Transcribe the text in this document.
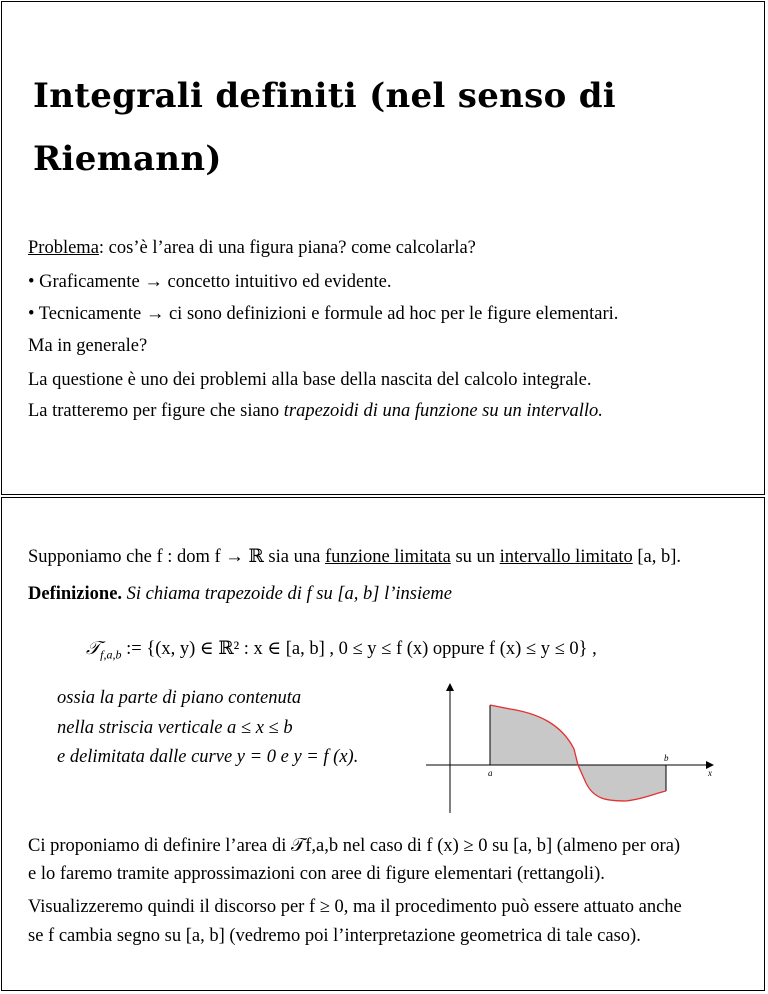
Integrali definiti (nel senso di
Riemann)
Problema: cos’è l’area di una figura piana? come calcolarla?
• Graficamente → concetto intuitivo ed evidente.
• Tecnicamente → ci sono definizioni e formule ad hoc per le figure elementari.
Ma in generale?
La questione è uno dei problemi alla base della nascita del calcolo integrale.
La tratteremo per figure che siano trapezoidi di una funzione su un intervallo.
Supponiamo che f : dom f → ℝ sia una funzione limitata su un intervallo limitato [a, b].
Definizione. Si chiama trapezoide di f su [a, b] l’insieme
𝒯$_{f,a,b}$ := {(x, y) ∈ ℝ² : x ∈ [a, b] , 0 ≤ y ≤ f (x) oppure f (x) ≤ y ≤ 0} ,
ossia la parte di piano contenuta
nella striscia verticale a ≤ x ≤ b
e delimitata dalle curve y = 0 e y = f (x).
a
b
x
Ci proponiamo di definire l’area di 𝒯f,a,b nel caso di f (x) ≥ 0 su [a, b] (almeno per ora)
e lo faremo tramite approssimazioni con aree di figure elementari (rettangoli).
Visualizzeremo quindi il discorso per f ≥ 0, ma il procedimento può essere attuato anche
se f cambia segno su [a, b] (vedremo poi l’interpretazione geometrica di tale caso).
